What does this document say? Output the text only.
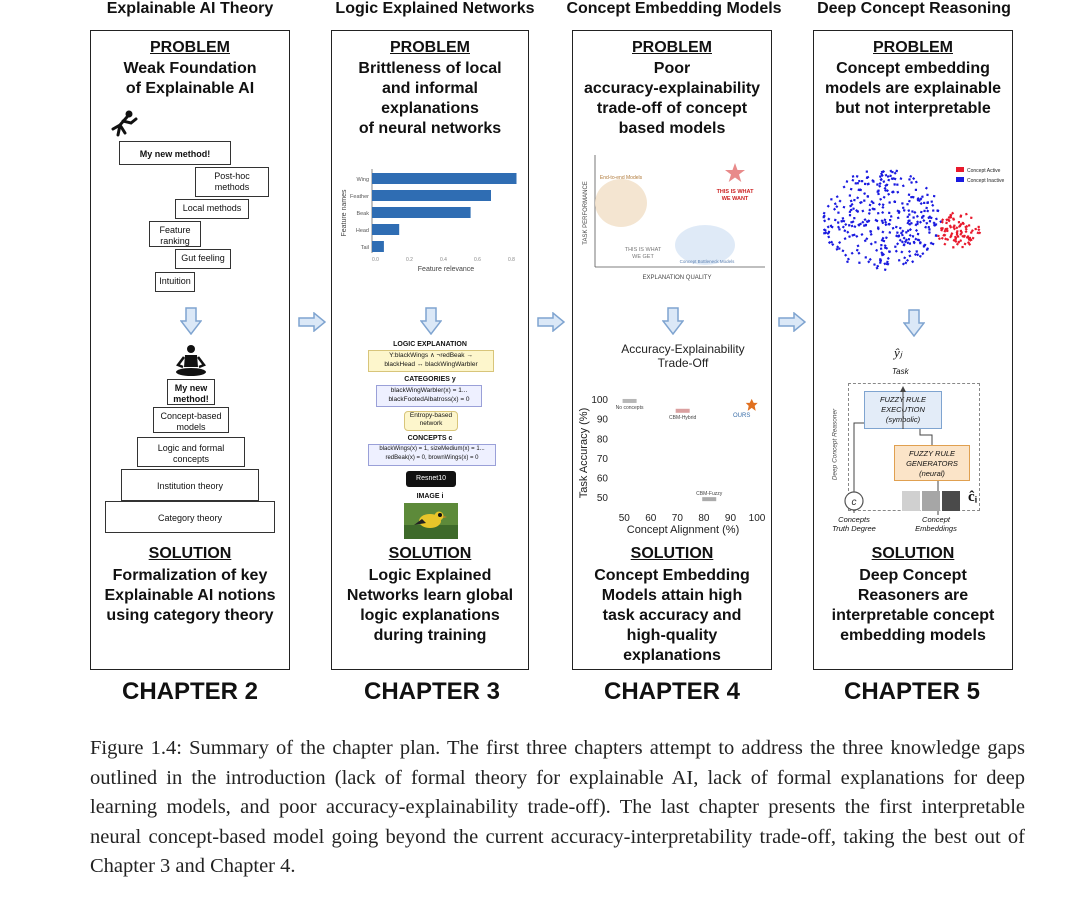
Explainable AI Theory	Logic Explained Networks	Concept Embedding Models	Deep Concept Reasoning
PROBLEM
Weak Foundation
of Explainable AI
My new method!
Post-hoc
methods
Local methods
Feature
ranking
Gut feeling
Intuition
My new
method!
Concept-based
models
Logic and formal
concepts
Institution theory
Category theory
SOLUTION
Formalization of key
Explainable AI notions
using category theory
PROBLEM
Brittleness of local
and informal
explanations
of neural networks
Feature names
Wing
Feather
Beak
Head
Tail
0.0	0.2	0.4	0.6	0.8
Feature relevance
LOGIC EXPLANATION
Y:blackWings ∧ ¬redBeak →
blackHead ↔ blackWingWarbler
CATEGORIES y
blackWingWarbler(x) = 1...
blackFootedAlbatross(x) = 0
Entropy-based
network
CONCEPTS c
blackWings(x) = 1, sizeMedium(x) = 1...
redBeak(x) = 0, brownWings(x) = 0
Resnet10
IMAGE i
SOLUTION
Logic Explained
Networks learn global
logic explanations
during training
PROBLEM
Poor
accuracy-explainability
trade-off of concept
based models
TASK PERFORMANCE
End-to-end Models
Concept Bottleneck Models
THIS IS WHAT WE WANT
THIS IS WHAT WE GET
EXPLANATION QUALITY
Accuracy-Explainability Trade-Off
Task Accuracy (%)
Concept Alignment (%)
50
60
70
80
90
100
50 60 70 80 90 100
No concepts
CBM-Hybrid	OURS
CBM-Fuzzy
SOLUTION
Concept Embedding
Models attain high
task accuracy and
high-quality
explanations
PROBLEM
Concept embedding
models are explainable
but not interpretable
Concept Active
Concept Inactive
ŷⱼ
Task
Deep Concept Reasoner
FUZZY RULE
EXECUTION
(symbolic)
FUZZY RULE
GENERATORS
(neural)
c	ĉᵢ
Concepts
Truth Degree
Concept
Embeddings
SOLUTION
Deep Concept
Reasoners are
interpretable concept
embedding models
CHAPTER 2	CHAPTER 3	CHAPTER 4	CHAPTER 5
Figure 1.4: Summary of the chapter plan. The first three chapters attempt to address the three knowledge gaps outlined in the introduction (lack of formal theory for explainable AI, lack of formal explanations for deep learning models, and poor accuracy-explainability trade-off). The last chapter presents the first interpretable neural concept-based model going beyond the current accuracy-interpretability trade-off, taking the best out of Chapter 3 and Chapter 4.
